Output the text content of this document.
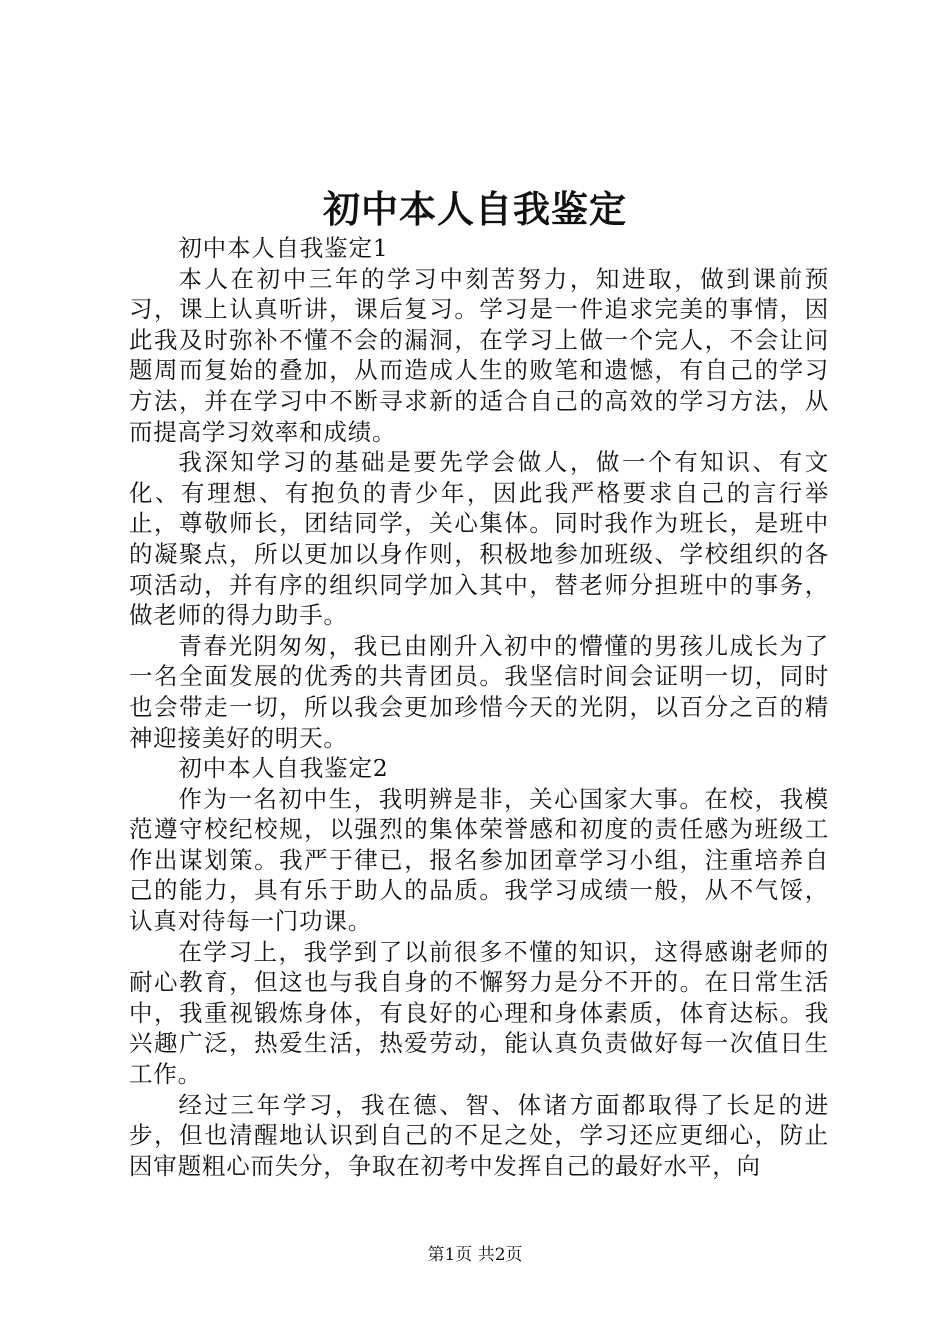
初中本人自我鉴定

初中本人自我鉴定1

本人在初中三年的学习中刻苦努力，知进取，做到课前预习，课上认真听讲，课后复习。学习是一件追求完美的事情，因此我及时弥补不懂不会的漏洞，在学习上做一个完人，不会让问题周而复始的叠加，从而造成人生的败笔和遗憾，有自己的学习方法，并在学习中不断寻求新的适合自己的高效的学习方法，从而提高学习效率和成绩。

我深知学习的基础是要先学会做人，做一个有知识、有文化、有理想、有抱负的青少年，因此我严格要求自己的言行举止，尊敬师长，团结同学，关心集体。同时我作为班长，是班中的凝聚点，所以更加以身作则，积极地参加班级、学校组织的各项活动，并有序的组织同学加入其中，替老师分担班中的事务，做老师的得力助手。

青春光阴匆匆，我已由刚升入初中的懵懂的男孩儿成长为了一名全面发展的优秀的共青团员。我坚信时间会证明一切，同时也会带走一切，所以我会更加珍惜今天的光阴，以百分之百的精神迎接美好的明天。

初中本人自我鉴定2

作为一名初中生，我明辨是非，关心国家大事。在校，我模范遵守校纪校规，以强烈的集体荣誉感和初度的责任感为班级工作出谋划策。我严于律已，报名参加团章学习小组，注重培养自己的能力，具有乐于助人的品质。我学习成绩一般，从不气馁，认真对待每一门功课。

在学习上，我学到了以前很多不懂的知识，这得感谢老师的耐心教育，但这也与我自身的不懈努力是分不开的。在日常生活中，我重视锻炼身体，有良好的心理和身体素质，体育达标。我兴趣广泛，热爱生活，热爱劳动，能认真负责做好每一次值日生工作。

经过三年学习，我在德、智、体诸方面都取得了长足的进步，但也清醒地认识到自己的不足之处，学习还应更细心，防止因审题粗心而失分，争取在初考中发挥自己的最好水平，向

第1页 共2页
